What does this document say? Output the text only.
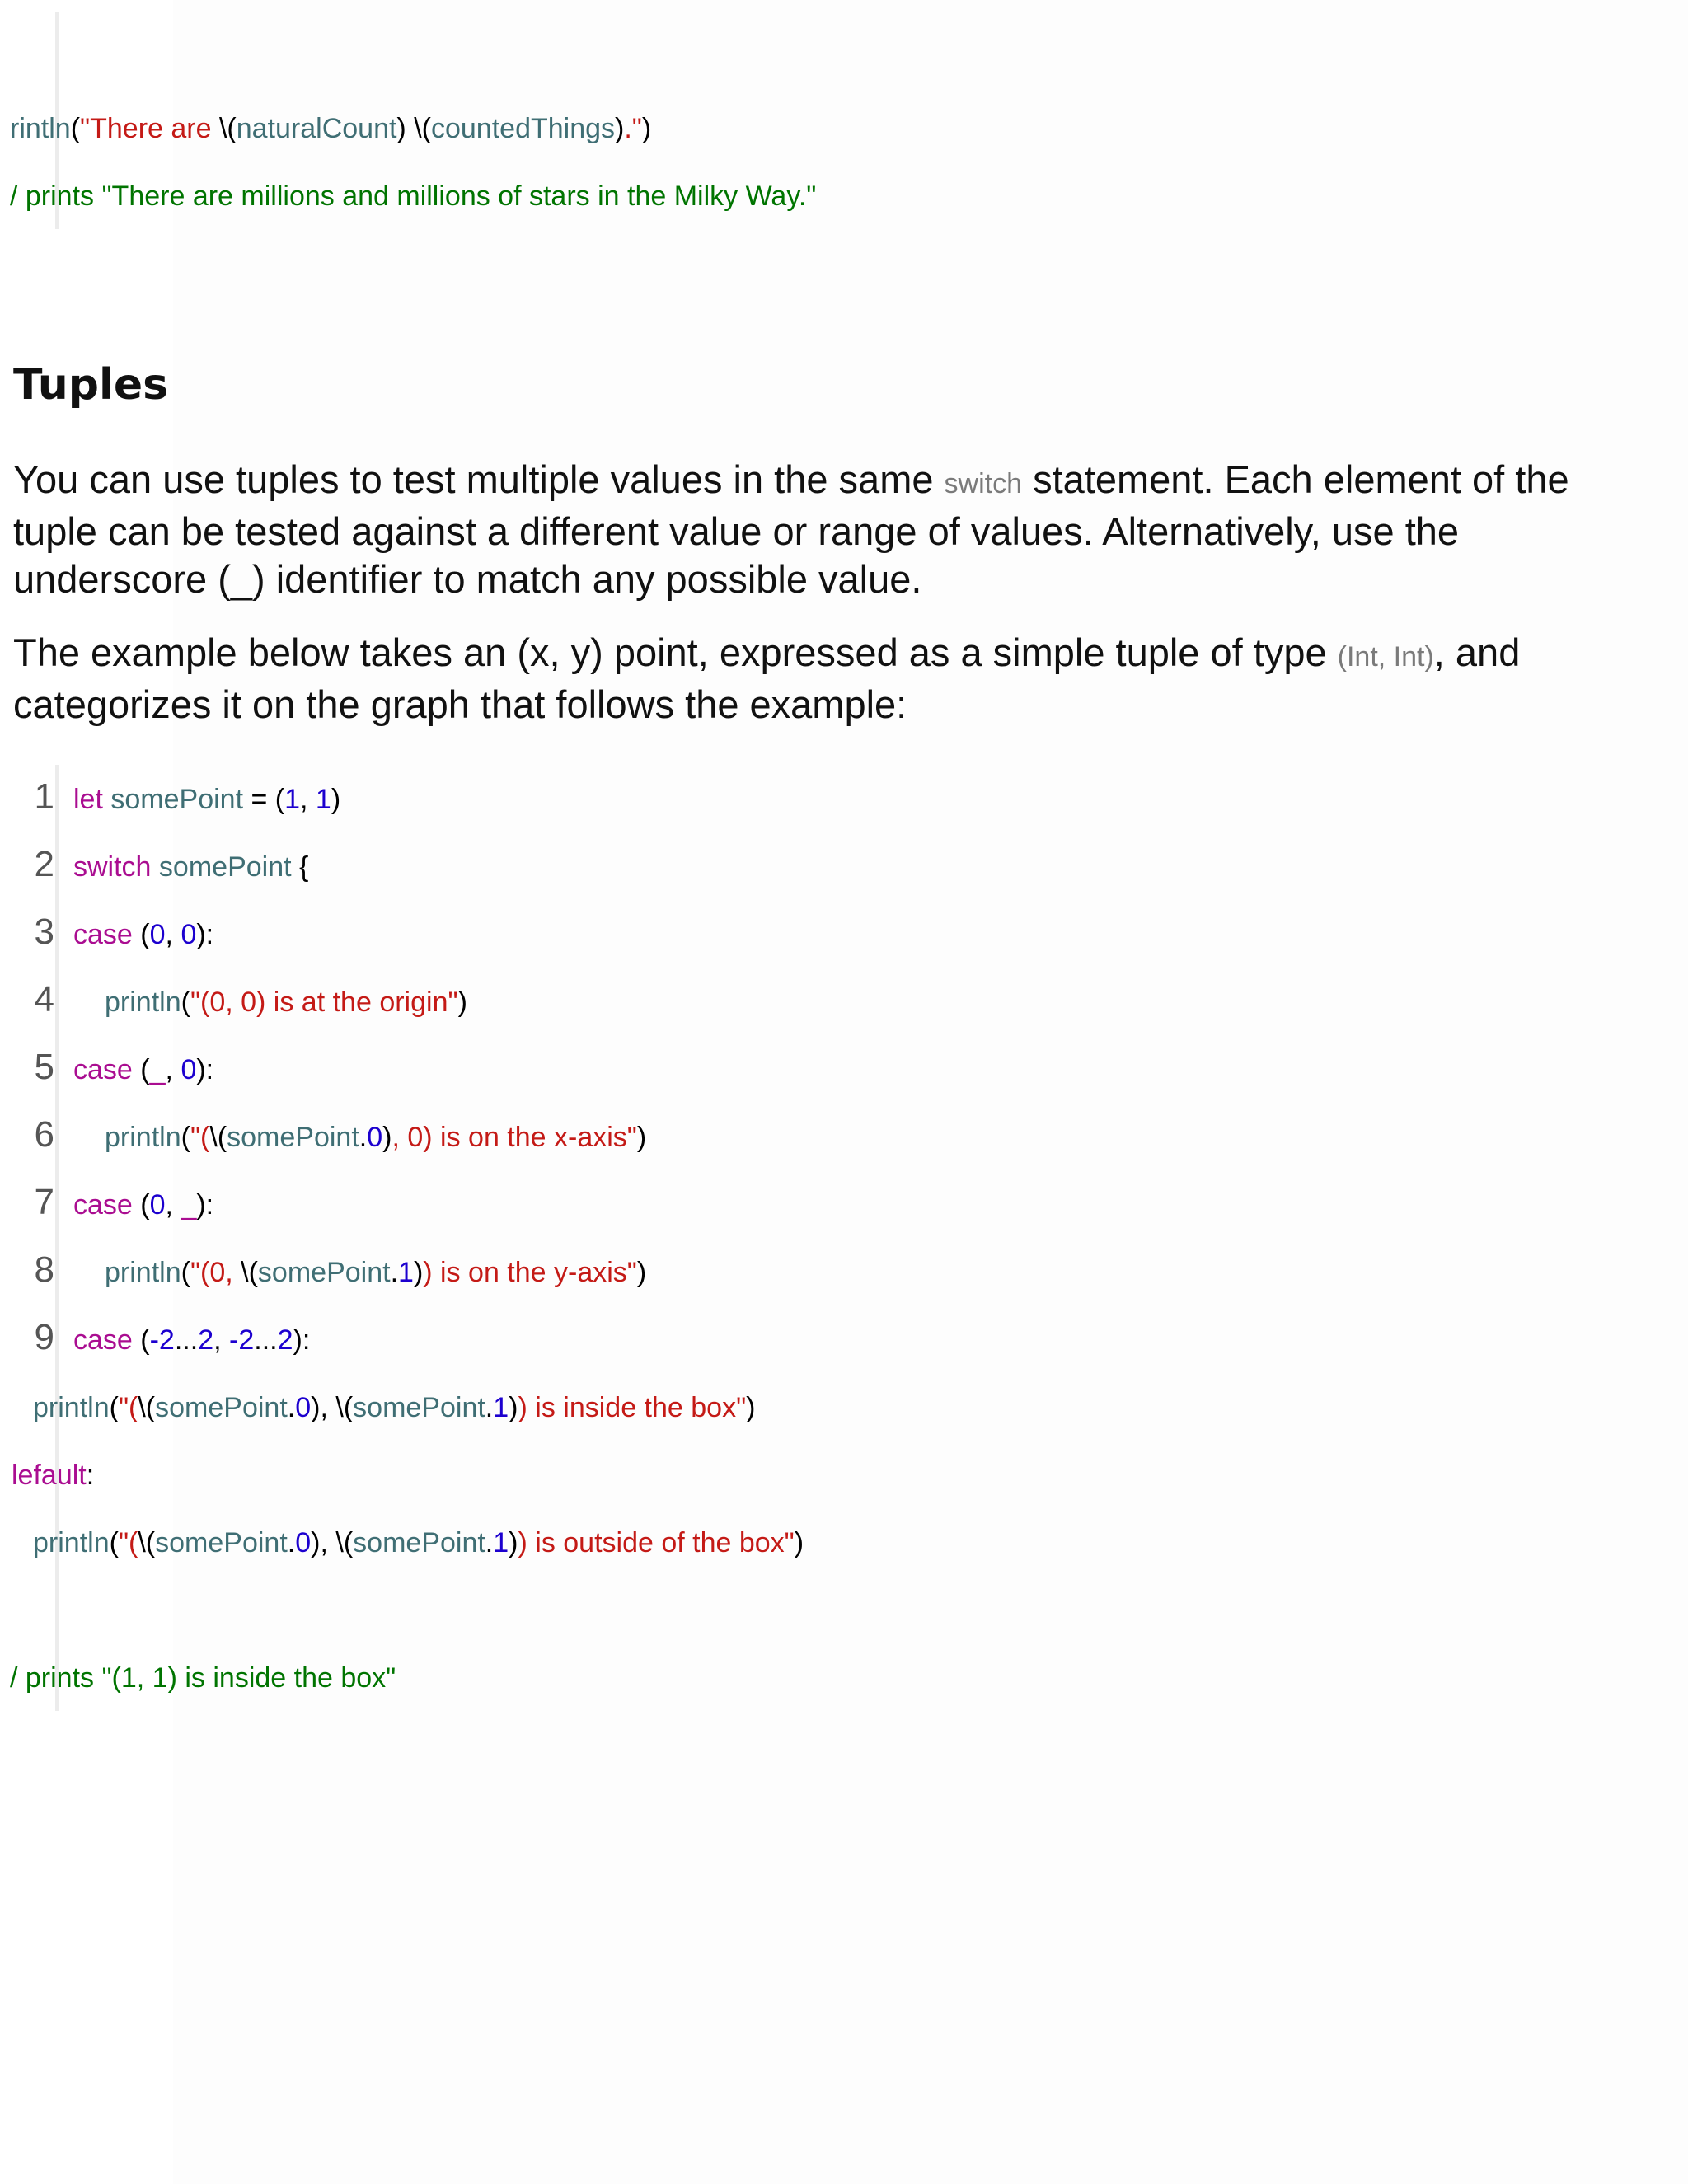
rintln("There are \(naturalCount) \(countedThings).")
/ prints "There are millions and millions of stars in the Milky Way."
Tuples

You can use tuples to test multiple values in the same switch statement. Each element of the tuple can be tested against a different value or range of values. Alternatively, use the underscore (_) identifier to match any possible value.

The example below takes an (x, y) point, expressed as a simple tuple of type (Int, Int), and categorizes it on the graph that follows the example:

1
2
3
4
5
6
7
8
9
let somePoint = (1, 1)
switch somePoint {
case (0, 0):
println("(0, 0) is at the origin")
case (_, 0):
println("(\(somePoint.0), 0) is on the x-axis")
case (0, _):
println("(0, \(somePoint.1)) is on the y-axis")
case (-2...2, -2...2):
println("(\(somePoint.0), \(somePoint.1)) is inside the box")
lefault:
println("(\(somePoint.0), \(somePoint.1)) is outside of the box")
/ prints "(1, 1) is inside the box"
